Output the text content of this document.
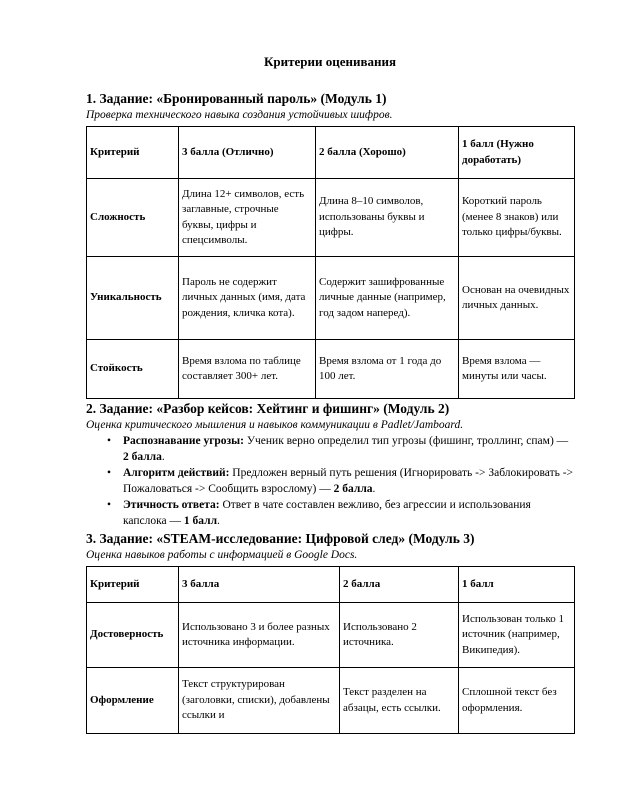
Критерии оценивания
1. Задание: «Бронированный пароль» (Модуль 1)

Проверка технического навыка создания устойчивых шифров.

Критерий	3 балла (Отлично)	2 балла (Хорошо)	1 балл (Нужно доработать)
Сложность	Длина 12+ символов, есть заглавные, строчные буквы, цифры и спецсимволы.	Длина 8–10 символов, использованы буквы и цифры.	Короткий пароль (менее 8 знаков) или только цифры/буквы.
Уникальность	Пароль не содержит личных данных (имя, дата рождения, кличка кота).	Содержит зашифрованные личные данные (например, год задом наперед).	Основан на очевидных личных данных.
Стойкость	Время взлома по таблице составляет 300+ лет.	Время взлома от 1 года до 100 лет.	Время взлома — минуты или часы.
2. Задание: «Разбор кейсов: Хейтинг и фишинг» (Модуль 2)

Оценка критического мышления и навыков коммуникации в Padlet/Jamboard.

• Распознавание угрозы: Ученик верно определил тип угрозы (фишинг, троллинг, спам) — 2 балла.
• Алгоритм действий: Предложен верный путь решения (Игнорировать -> Заблокировать -> Пожаловаться -> Сообщить взрослому) — 2 балла.
• Этичность ответа: Ответ в чате составлен вежливо, без агрессии и использования капслока — 1 балл.
3. Задание: «STEAM-исследование: Цифровой след» (Модуль 3)

Оценка навыков работы с информацией в Google Docs.

Критерий	3 балла	2 балла	1 балл
Достоверность	Использовано 3 и более разных источника информации.	Использовано 2 источника.	Использован только 1 источник (например, Википедия).
Оформление	Текст структурирован (заголовки, списки), добавлены ссылки и	Текст разделен на абзацы, есть ссылки.	Сплошной текст без оформления.
